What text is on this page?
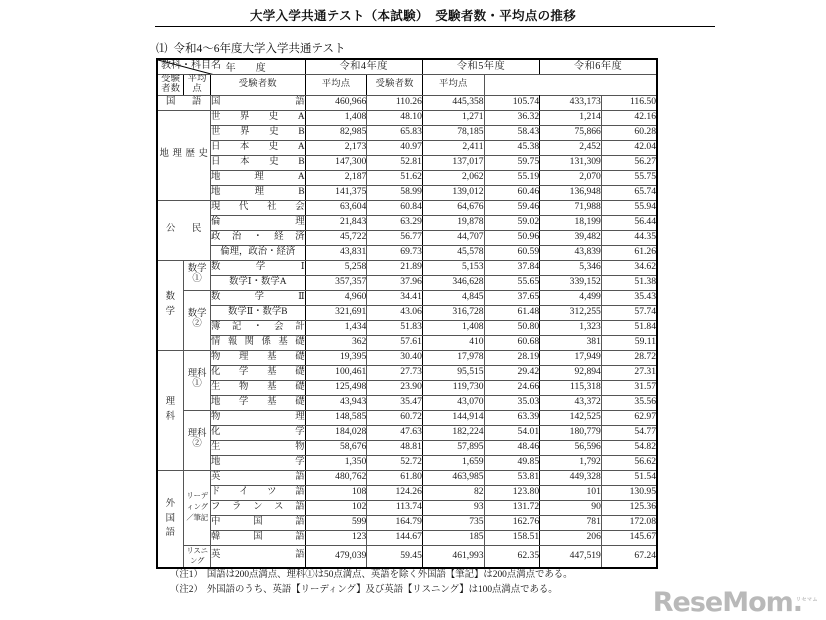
大学入学共通テスト（本試験）　受験者数・平均点の推移
⑴ 令和4～6年度大学入学共通テスト
年　度
教科・科目名			令和4年度		令和5年度		令和6年度	
受験者数	平均点	受験者数	平均点	受験者数	平均点			

国 語		国 語	460,966	110.26	445,358	105.74	433,173	116.50

地 理 歴 史		世 界 史 A	1,408	48.10	1,271	36.32	1,214	42.16

		世 界 史 B	82,985	65.83	78,185	58.43	75,866	60.28

		日 本 史 A	2,173	40.97	2,411	45.38	2,452	42.04

		日 本 史 B	147,300	52.81	137,017	59.75	131,309	56.27

		地 理 A	2,187	51.62	2,062	55.19	2,070	55.75

		地 理 B	141,375	58.99	139,012	60.46	136,948	65.74

公 民		現 代 社 会	63,604	60.84	64,676	59.46	71,988	55.94

		倫 理	21,843	63.29	19,878	59.02	18,199	56.44

		政 治 ・ 経 済	45,722	56.77	44,707	50.96	39,482	44.35

		倫理，政治・経済	43,831	69.73	45,578	60.59	43,839	61.26

数
学	数学①	数 学 Ⅰ	5,258	21.89	5,153	37.84	5,346	34.62

		数学Ⅰ・数学A	357,357	37.96	346,628	55.65	339,152	51.38
	数学②	数 学 Ⅱ	4,960	34.41	4,845	37.65	4,499	35.43

		数学Ⅱ・数学B	321,691	43.06	316,728	61.48	312,255	57.74

		簿 記 ・ 会 計	1,434	51.83	1,408	50.80	1,323	51.84

情 報 関 係 基 礎	362	57.61	410	60.68	381	59.11

理
科	理科①	物 理 基 礎	19,395	30.40	17,978	28.19	17,949	28.72

		化 学 基 礎	100,461	27.73	95,515	29.42	92,894	27.31

		生 物 基 礎	125,498	23.90	119,730	24.66	115,318	31.57

		地 学 基 礎	43,943	35.47	43,070	35.03	43,372	35.56
	理科②	物 理	148,585	60.72	144,914	63.39	142,525	62.97

		化 学	184,028	47.63	182,224	54.01	180,779	54.77

		生 物	58,676	48.81	57,895	48.46	56,596	54.82

		地 学	1,350	52.72	1,659	49.85	1,792	56.62

外
国
語	リーディング／筆記	英 語	480,762	61.80	463,985	53.81	449,328	51.54

		ド イ ツ 語	108	124.26	82	123.80	101	130.95

		フ ラ ン ス 語	102	113.74	93	131.72	90	125.36

		中 国 語	599	164.79	735	162.76	781	172.08

		韓 国 語	123	144.67	185	158.51	206	145.67
	リスニング	英 語	479,039	59.45	461,993	62.35	447,519	67.24
（注1） 国語は200点満点、理科①は50点満点、英語を除く外国語【筆記】は200点満点である。
（注2） 外国語のうち、英語【リーディング】及び英語【リスニング】は100点満点である。	ReseMom.$^{リセマム}$
